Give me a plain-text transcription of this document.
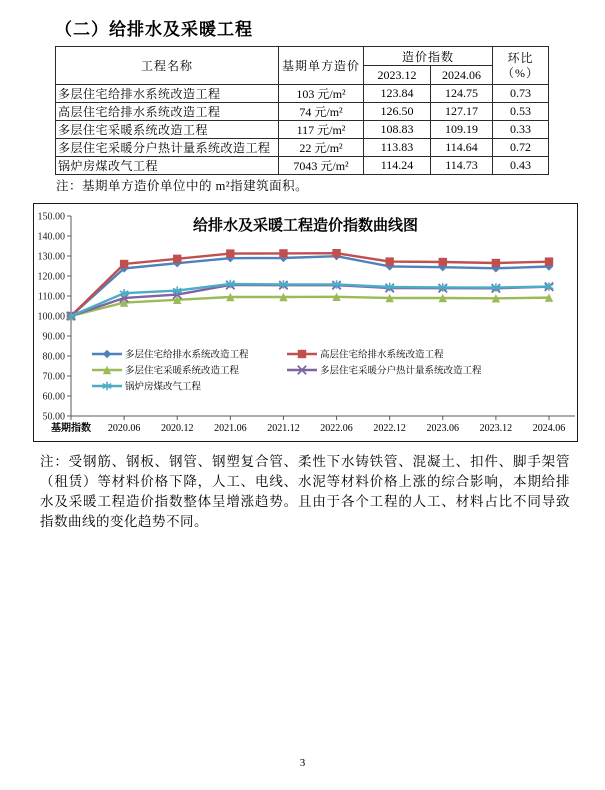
（二）给排水及采暖工程
工程名称	基期单方造价	造价指数		环比
（%）
		2023.12	2024.06	
多层住宅给排水系统改造工程	103 元/m²	123.84	124.75	0.73
高层住宅给排水系统改造工程	74 元/m²	126.50	127.17	0.53
多层住宅采暖系统改造工程	117 元/m²	108.83	109.19	0.33
多层住宅采暖分户热计量系统改造工程	22 元/m²	113.83	114.64	0.72
锅炉房煤改气工程	7043 元/m²	114.24	114.73	0.43
注：基期单方造价单位中的 m²指建筑面积。
给排水及采暖工程造价指数曲线图
50.00
60.00
70.00
80.00
90.00
100.00
110.00
120.00
130.00
140.00
150.00
基期指数 2020.06 2020.12 2021.06 2021.12 2022.06 2022.12 2023.06 2023.12 2024.06
多层住宅给排水系统改造工程	高层住宅给排水系统改造工程
多层住宅采暖系统改造工程	多层住宅采暖分户热计量系统改造工程
锅炉房煤改气工程
注：受钢筋、钢板、钢管、钢塑复合管、柔性下水铸铁管、混凝土、扣件、脚手架管（租赁）等材料价格下降，人工、电线、水泥等材料价格上涨的综合影响，本期给排水及采暖工程造价指数整体呈增涨趋势。且由于各个工程的人工、材料占比不同导致指数曲线的变化趋势不同。
3
